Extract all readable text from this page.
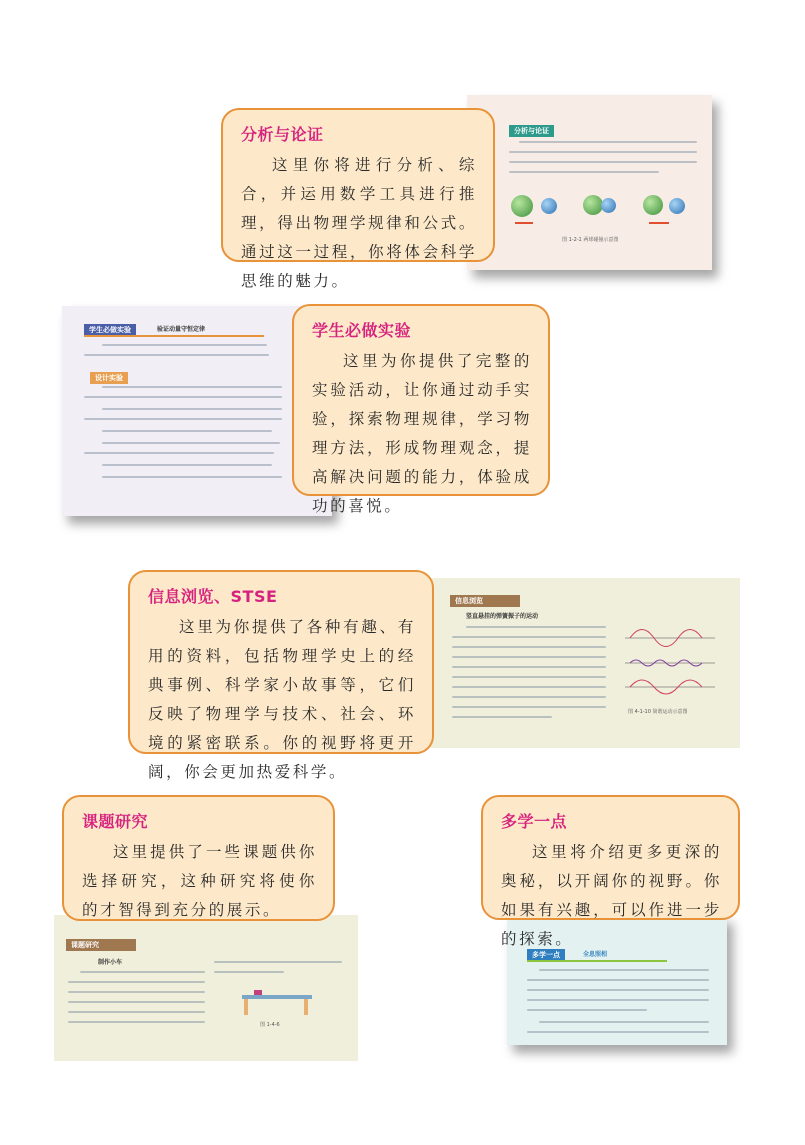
分析与论证
图 1-2-1 两球碰撞示意图
分析与论证

这里你将进行分析、综合，并运用数学工具进行推理，得出物理学规律和公式。通过这一过程，你将体会科学思维的魅力。

学生必做实验	验证动量守恒定律
设计实验
学生必做实验

这里为你提供了完整的实验活动，让你通过动手实验，探索物理规律，学习物理方法，形成物理观念，提高解决问题的能力，体验成功的喜悦。

信息浏览
竖直悬挂的弹簧振子的运动
图 4-1-10 简谐运动示意图
信息浏览、STSE

这里为你提供了各种有趣、有用的资料，包括物理学史上的经典事例、科学家小故事等，它们反映了物理学与技术、社会、环境的紧密联系。你的视野将更开阔，你会更加热爱科学。

课题研究
制作小车
图 1-4-6
课题研究

这里提供了一些课题供你选择研究，这种研究将使你的才智得到充分的展示。

多学一点	全息照相
多学一点

这里将介绍更多更深的奥秘，以开阔你的视野。你如果有兴趣，可以作进一步的探索。
